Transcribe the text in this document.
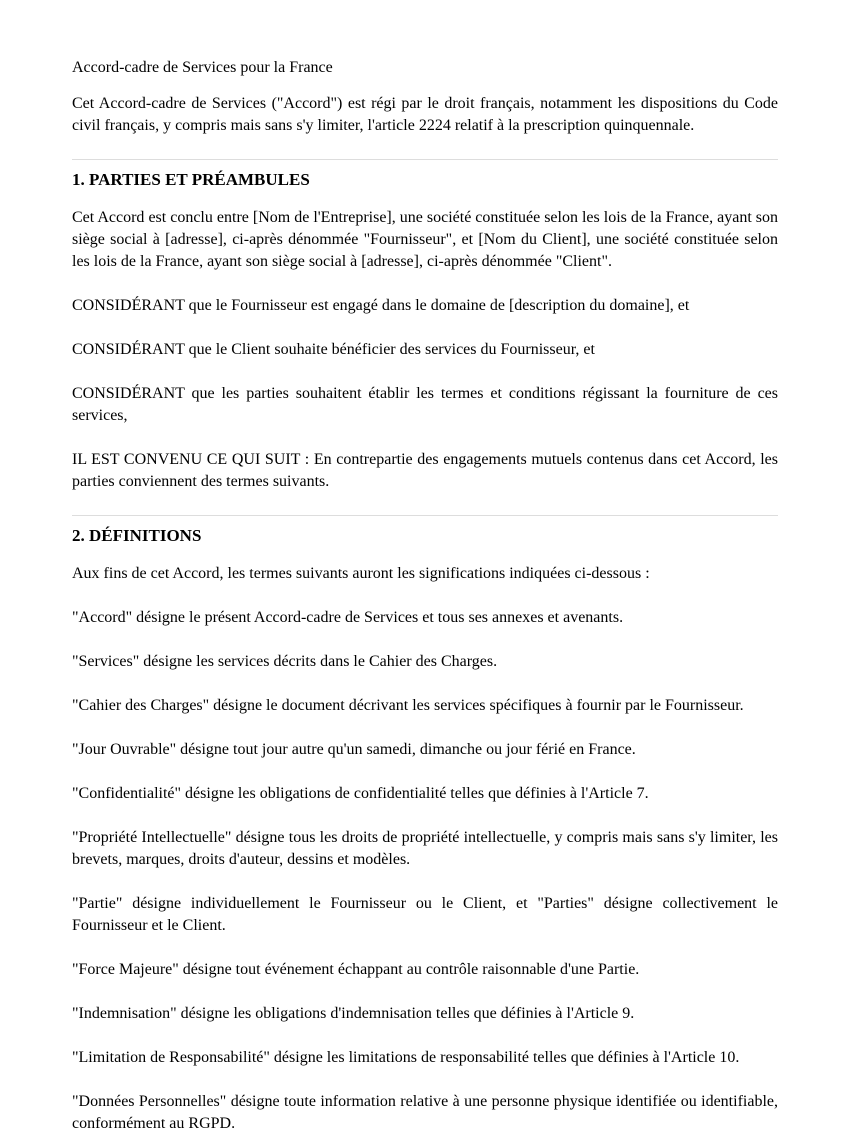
Accord-cadre de Services pour la France

Cet Accord-cadre de Services ("Accord") est régi par le droit français, notamment les dispositions du Code civil français, y compris mais sans s'y limiter, l'article 2224 relatif à la prescription quinquennale.

1. PARTIES ET PRÉAMBULES

Cet Accord est conclu entre [Nom de l'Entreprise], une société constituée selon les lois de la France, ayant son siège social à [adresse], ci-après dénommée "Fournisseur", et [Nom du Client], une société constituée selon les lois de la France, ayant son siège social à [adresse], ci-après dénommée "Client".

CONSIDÉRANT que le Fournisseur est engagé dans le domaine de [description du domaine], et

CONSIDÉRANT que le Client souhaite bénéficier des services du Fournisseur, et

CONSIDÉRANT que les parties souhaitent établir les termes et conditions régissant la fourniture de ces services,

IL EST CONVENU CE QUI SUIT : En contrepartie des engagements mutuels contenus dans cet Accord, les parties conviennent des termes suivants.

2. DÉFINITIONS

Aux fins de cet Accord, les termes suivants auront les significations indiquées ci-dessous :

"Accord" désigne le présent Accord-cadre de Services et tous ses annexes et avenants.

"Services" désigne les services décrits dans le Cahier des Charges.

"Cahier des Charges" désigne le document décrivant les services spécifiques à fournir par le Fournisseur.

"Jour Ouvrable" désigne tout jour autre qu'un samedi, dimanche ou jour férié en France.

"Confidentialité" désigne les obligations de confidentialité telles que définies à l'Article 7.

"Propriété Intellectuelle" désigne tous les droits de propriété intellectuelle, y compris mais sans s'y limiter, les brevets, marques, droits d'auteur, dessins et modèles.

"Partie" désigne individuellement le Fournisseur ou le Client, et "Parties" désigne collectivement le Fournisseur et le Client.

"Force Majeure" désigne tout événement échappant au contrôle raisonnable d'une Partie.

"Indemnisation" désigne les obligations d'indemnisation telles que définies à l'Article 9.

"Limitation de Responsabilité" désigne les limitations de responsabilité telles que définies à l'Article 10.

"Données Personnelles" désigne toute information relative à une personne physique identifiée ou identifiable, conformément au RGPD.
